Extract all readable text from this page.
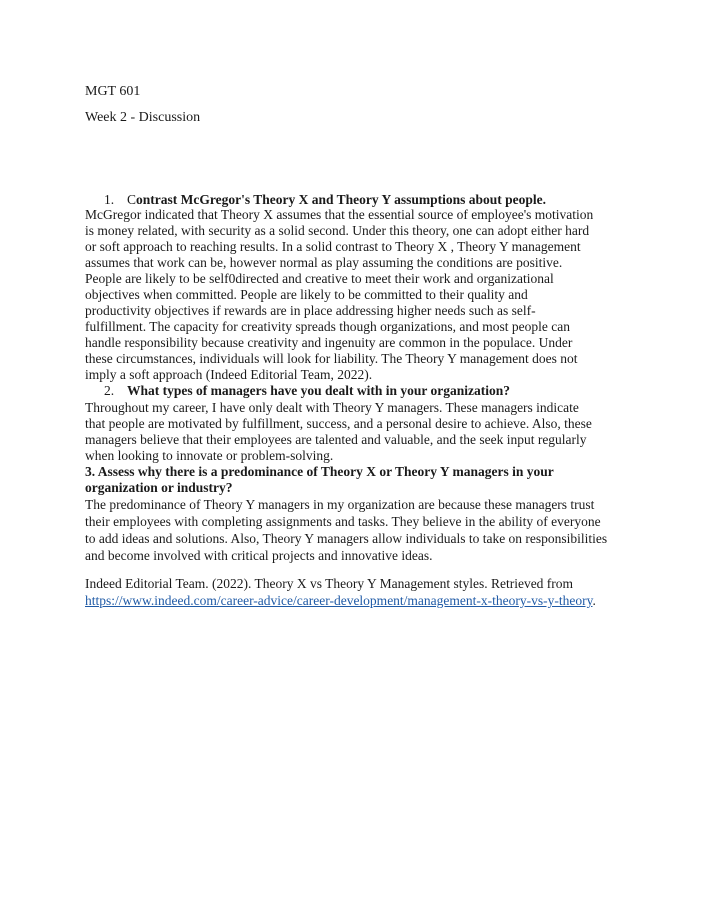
MGT 601
Week 2 - Discussion
1. Contrast McGregor's Theory X and Theory Y assumptions about people.
McGregor indicated that Theory X assumes that the essential source of employee's motivation
is money related, with security as a solid second. Under this theory, one can adopt either hard
or soft approach to reaching results. In a solid contrast to Theory X , Theory Y management
assumes that work can be, however normal as play assuming the conditions are positive.
People are likely to be self0directed and creative to meet their work and organizational
objectives when committed. People are likely to be committed to their quality and
productivity objectives if rewards are in place addressing higher needs such as self-
fulfillment. The capacity for creativity spreads though organizations, and most people can
handle responsibility because creativity and ingenuity are common in the populace. Under
these circumstances, individuals will look for liability. The Theory Y management does not
imply a soft approach (Indeed Editorial Team, 2022).
2. What types of managers have you dealt with in your organization?
Throughout my career, I have only dealt with Theory Y managers. These managers indicate
that people are motivated by fulfillment, success, and a personal desire to achieve. Also, these
managers believe that their employees are talented and valuable, and the seek input regularly
when looking to innovate or problem-solving.
3. Assess why there is a predominance of Theory X or Theory Y managers in your
organization or industry?
The predominance of Theory Y managers in my organization are because these managers trust
their employees with completing assignments and tasks. They believe in the ability of everyone
to add ideas and solutions. Also, Theory Y managers allow individuals to take on responsibilities
and become involved with critical projects and innovative ideas.
Indeed Editorial Team. (2022). Theory X vs Theory Y Management styles. Retrieved from
https://www.indeed.com/career-advice/career-development/management-x-theory-vs-y-theory.
